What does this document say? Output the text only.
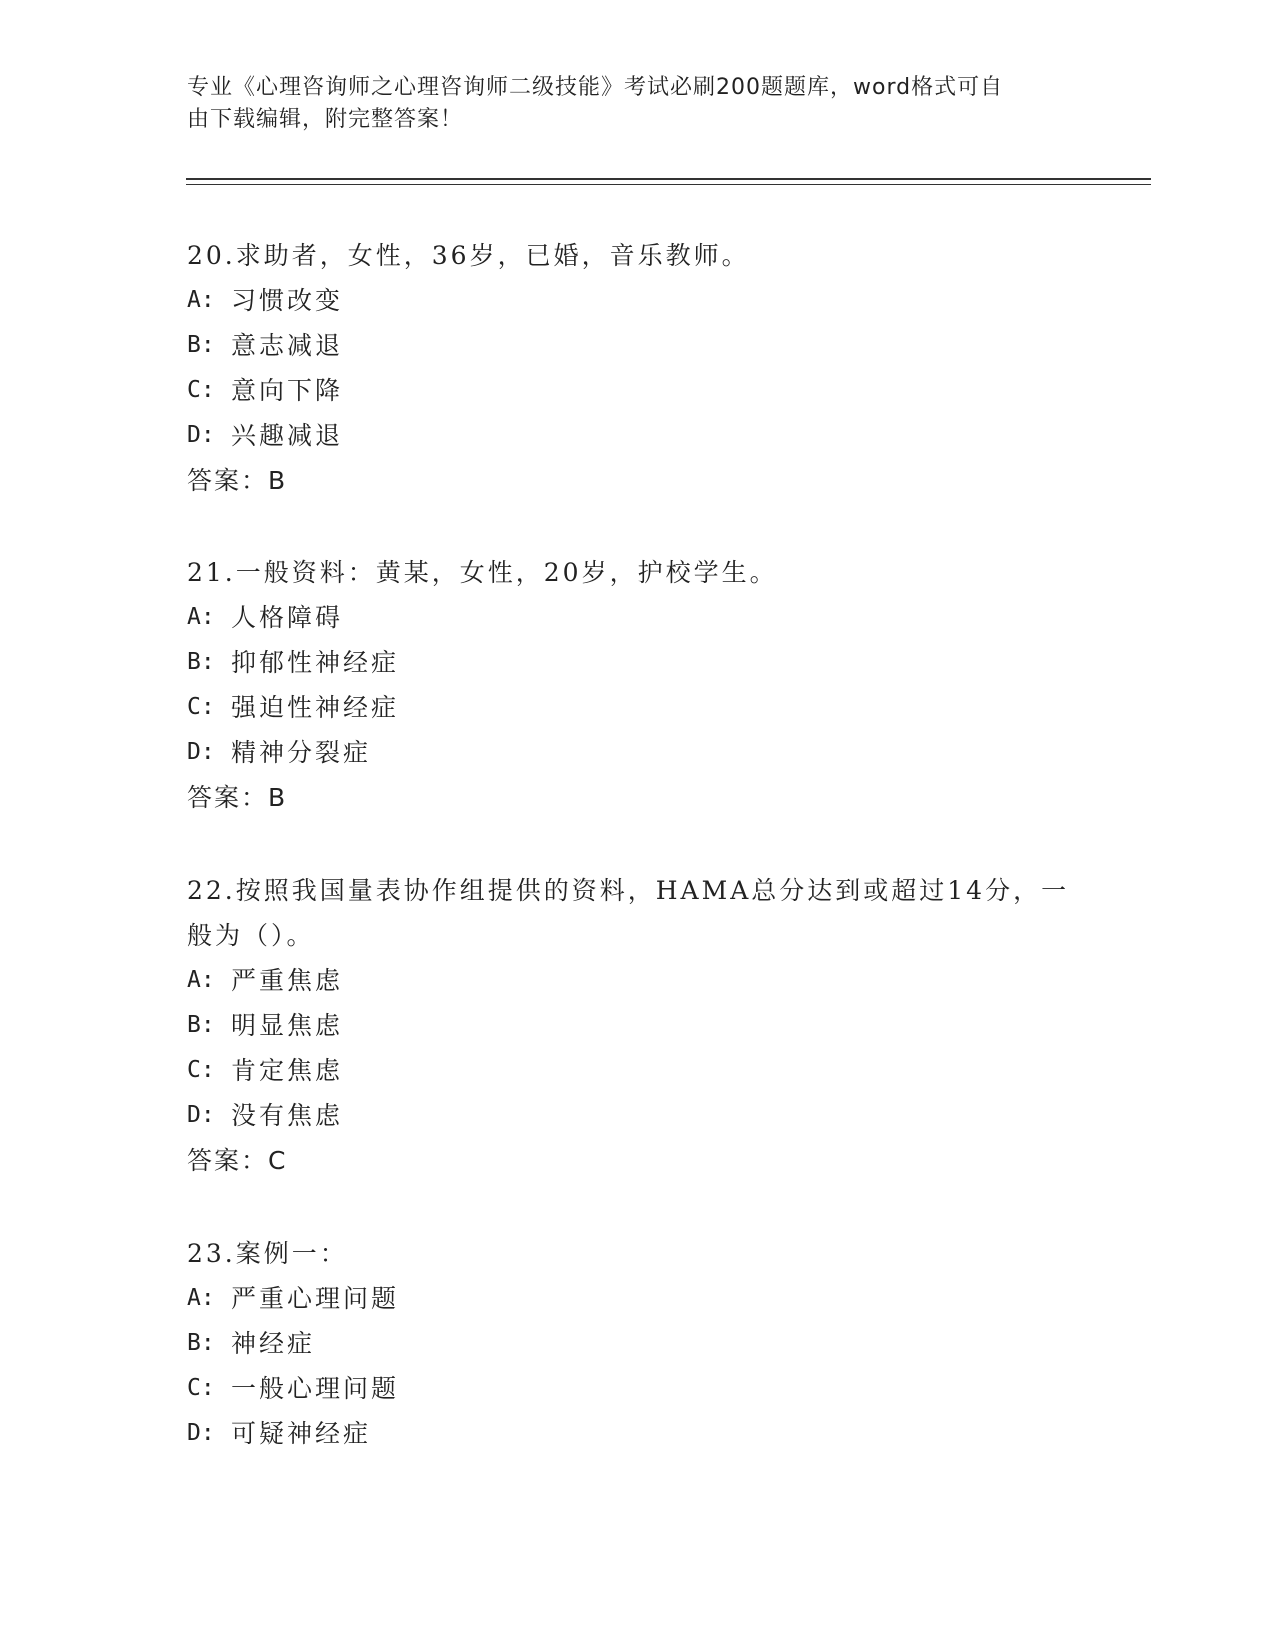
专业《心理咨询师之心理咨询师二级技能》考试必刷200题题库，word格式可自
由下载编辑，附完整答案！
20.求助者，女性，36岁，已婚，音乐教师。
A: 习惯改变
B: 意志减退
C: 意向下降
D: 兴趣减退
答案：B
21.一般资料：黄某，女性，20岁，护校学生。
A: 人格障碍
B: 抑郁性神经症
C: 强迫性神经症
D: 精神分裂症
答案：B
22.按照我国量表协作组提供的资料，HAMA总分达到或超过14分，一
般为（）。
A: 严重焦虑
B: 明显焦虑
C: 肯定焦虑
D: 没有焦虑
答案：C
23.案例一：
A: 严重心理问题
B: 神经症
C: 一般心理问题
D: 可疑神经症
